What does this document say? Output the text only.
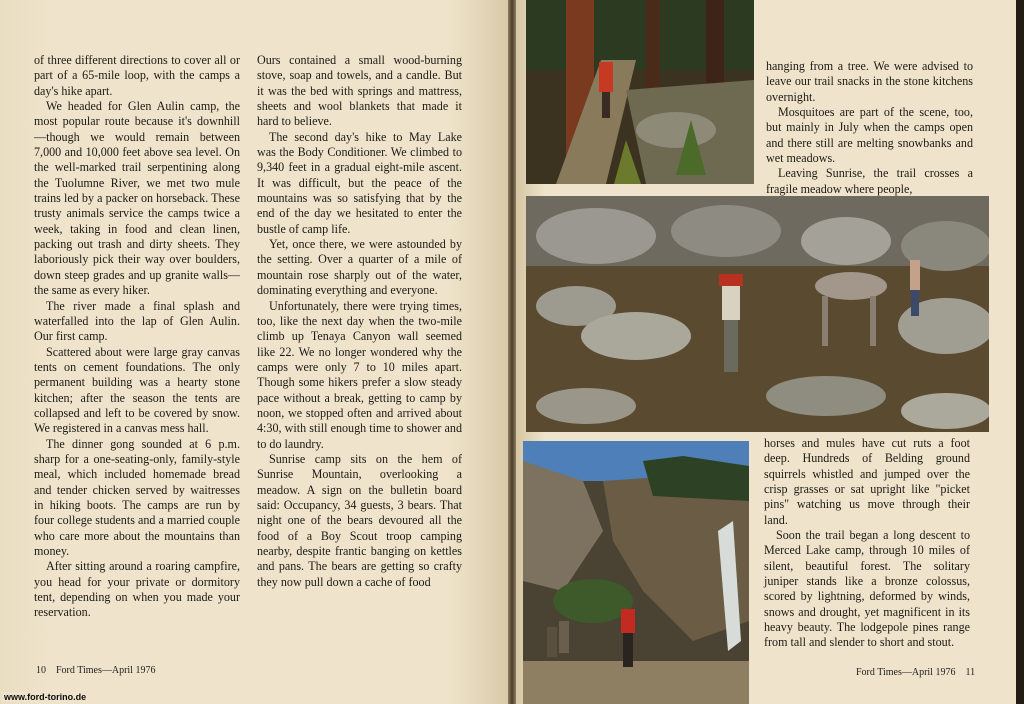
of three different directions to cover all or part of a 65-mile loop, with the camps a day's hike apart.

We headed for Glen Aulin camp, the most popular route because it's downhill—though we would remain between 7,000 and 10,000 feet above sea level. On the well-marked trail serpentining along the Tuolumne River, we met two mule trains led by a packer on horseback. These trusty animals service the camps twice a week, taking in food and clean linen, packing out trash and dirty sheets. They laboriously pick their way over boulders, down steep grades and up granite walls—the same as every hiker.

The river made a final splash and waterfalled into the lap of Glen Aulin. Our first camp.

Scattered about were large gray canvas tents on cement foundations. The only permanent building was a hearty stone kitchen; after the season the tents are collapsed and left to be covered by snow. We registered in a canvas mess hall.

The dinner gong sounded at 6 p.m. sharp for a one-seating-only, family-style meal, which included homemade bread and tender chicken served by waitresses in hiking boots. The camps are run by four college students and a married couple who care more about the mountains than money.

After sitting around a roaring campfire, you head for your private or dormitory tent, depending on when you made your reservation.

Ours contained a small wood-burning stove, soap and towels, and a candle. But it was the bed with springs and mattress, sheets and wool blankets that made it hard to believe.

The second day's hike to May Lake was the Body Conditioner. We climbed to 9,340 feet in a gradual eight-mile ascent. It was difficult, but the peace of the mountains was so satisfying that by the end of the day we hesitated to enter the bustle of camp life.

Yet, once there, we were astounded by the setting. Over a quarter of a mile of mountain rose sharply out of the water, dominating everything and everyone.

Unfortunately, there were trying times, too, like the next day when the two-mile climb up Tenaya Canyon wall seemed like 22. We no longer wondered why the camps were only 7 to 10 miles apart. Though some hikers prefer a slow steady pace without a break, getting to camp by noon, we stopped often and arrived about 4:30, with still enough time to shower and to do laundry.

Sunrise camp sits on the hem of Sunrise Mountain, overlooking a meadow. A sign on the bulletin board said: Occupancy, 34 guests, 3 bears. That night one of the bears devoured all the food of a Boy Scout troop camping nearby, despite frantic banging on kettles and pans. The bears are getting so crafty they now pull down a cache of food

10 Ford Times—April 1976

hanging from a tree. We were advised to leave our trail snacks in the stone kitchens overnight.

Mosquitoes are part of the scene, too, but mainly in July when the camps open and there still are melting snowbanks and wet meadows.

Leaving Sunrise, the trail crosses a fragile meadow where people,

horses and mules have cut ruts a foot deep. Hundreds of Belding ground squirrels whistled and jumped over the crisp grasses or sat upright like "picket pins" watching us move through their land.

Soon the trail began a long descent to Merced Lake camp, through 10 miles of silent, beautiful forest. The solitary juniper stands like a bronze colossus, scored by lightning, deformed by winds, snows and drought, yet magnificent in its heavy beauty. The lodgepole pines range from tall and slender to short and stout.

Ford Times—April 1976 11
www.ford-torino.de
